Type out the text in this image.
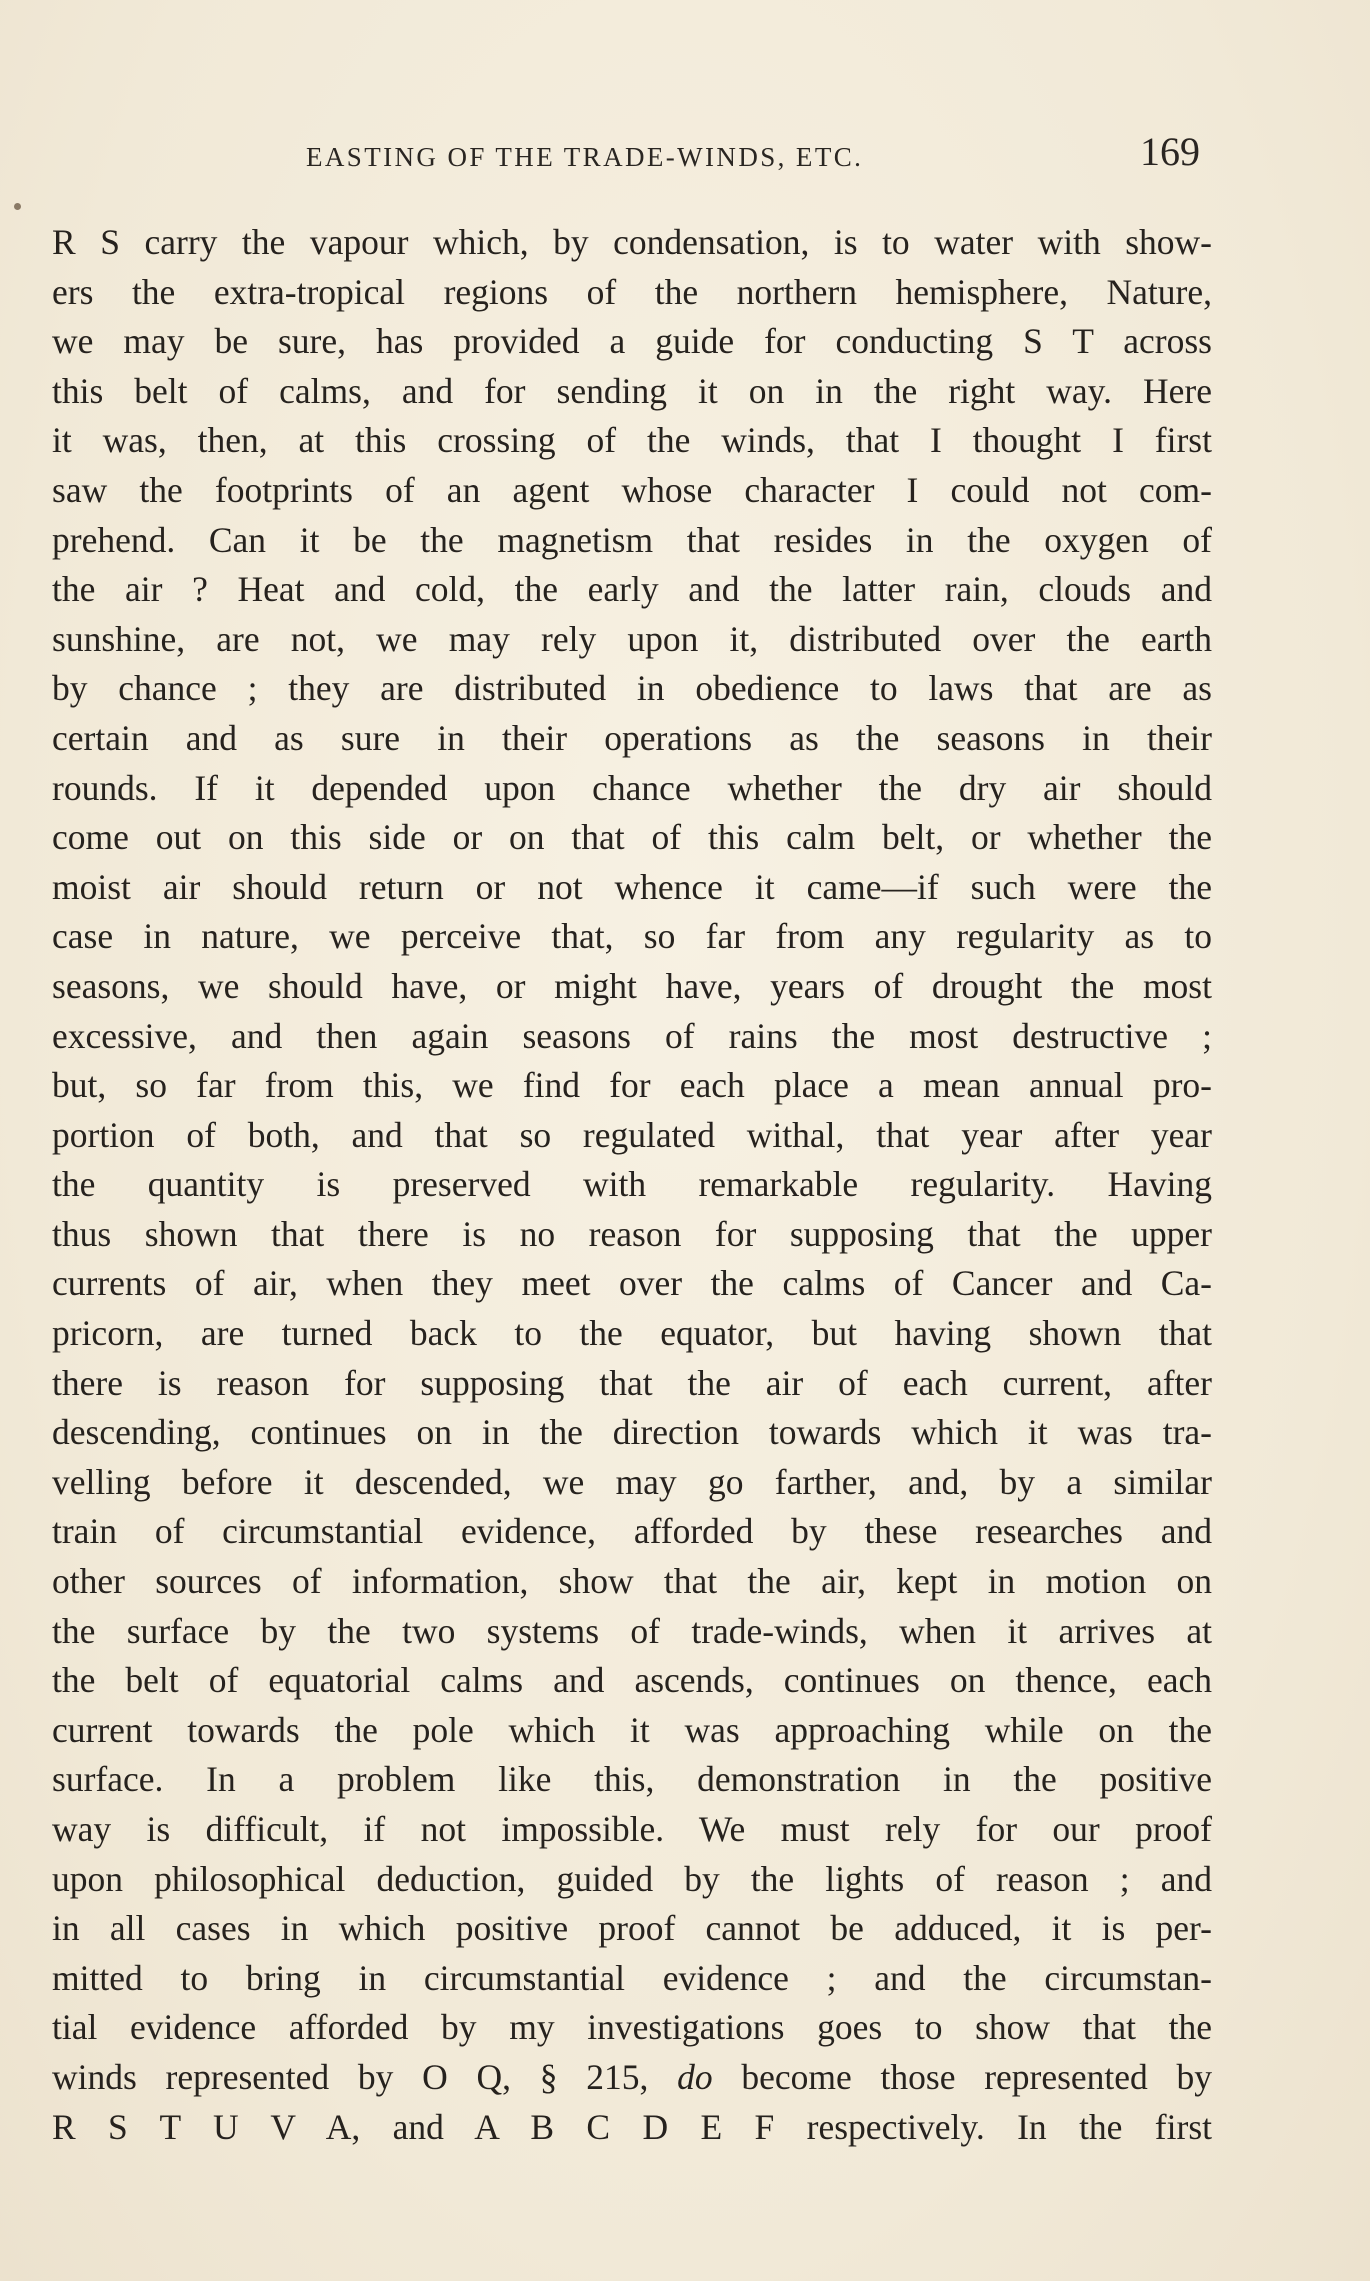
EASTING OF THE TRADE-WINDS, ETC.	169
R S carry the vapour which, by condensation, is to water with show-
ers the extra-tropical regions of the northern hemisphere, Nature,
we may be sure, has provided a guide for conducting S T across
this belt of calms, and for sending it on in the right way. Here
it was, then, at this crossing of the winds, that I thought I first
saw the footprints of an agent whose character I could not com-
prehend. Can it be the magnetism that resides in the oxygen of
the air ? Heat and cold, the early and the latter rain, clouds and
sunshine, are not, we may rely upon it, distributed over the earth
by chance ; they are distributed in obedience to laws that are as
certain and as sure in their operations as the seasons in their
rounds. If it depended upon chance whether the dry air should
come out on this side or on that of this calm belt, or whether the
moist air should return or not whence it came—if such were the
case in nature, we perceive that, so far from any regularity as to
seasons, we should have, or might have, years of drought the most
excessive, and then again seasons of rains the most destructive ;
but, so far from this, we find for each place a mean annual pro-
portion of both, and that so regulated withal, that year after year
the quantity is preserved with remarkable regularity. Having
thus shown that there is no reason for supposing that the upper
currents of air, when they meet over the calms of Cancer and Ca-
pricorn, are turned back to the equator, but having shown that
there is reason for supposing that the air of each current, after
descending, continues on in the direction towards which it was tra-
velling before it descended, we may go farther, and, by a similar
train of circumstantial evidence, afforded by these researches and
other sources of information, show that the air, kept in motion on
the surface by the two systems of trade-winds, when it arrives at
the belt of equatorial calms and ascends, continues on thence, each
current towards the pole which it was approaching while on the
surface. In a problem like this, demonstration in the positive
way is difficult, if not impossible. We must rely for our proof
upon philosophical deduction, guided by the lights of reason ; and
in all cases in which positive proof cannot be adduced, it is per-
mitted to bring in circumstantial evidence ; and the circumstan-
tial evidence afforded by my investigations goes to show that the
winds represented by O Q, § 215, do become those represented by
R S T U V A, and A B C D E F respectively. In the first
